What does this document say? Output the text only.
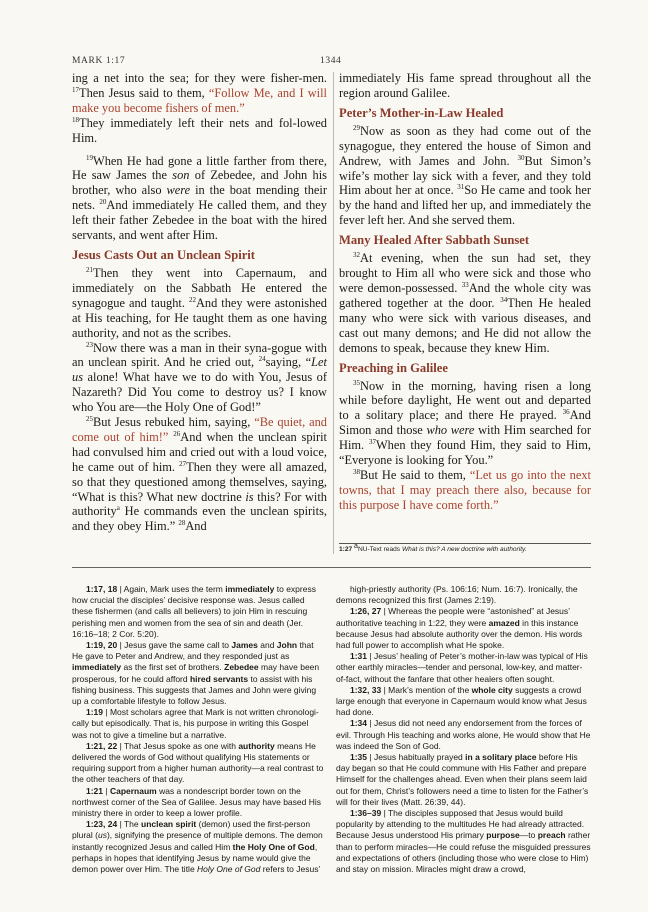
MARK 1:17	1344

ing a net into the sea; for they were fisher-men. $^{17}$Then Jesus said to them, “Follow Me, and I will make you become fishers of men.”
$^{18}$They immediately left their nets and fol-lowed Him.

$^{19}$When He had gone a little farther from there, He saw James the son of Zebedee, and John his brother, who also were in the boat mending their nets. $^{20}$And immediately He called them, and they left their father Zebedee in the boat with the hired servants, and went after Him.

Jesus Casts Out an Unclean Spirit

$^{21}$Then they went into Capernaum, and immediately on the Sabbath He entered the synagogue and taught. $^{22}$And they were astonished at His teaching, for He taught them as one having authority, and not as the scribes.

$^{23}$Now there was a man in their syna-gogue with an unclean spirit. And he cried out, $^{24}$saying, “Let us alone! What have we to do with You, Jesus of Nazareth? Did You come to destroy us? I know who You are—the Holy One of God!”

$^{25}$But Jesus rebuked him, saying, “Be quiet, and come out of him!” $^{26}$And when the unclean spirit had convulsed him and cried out with a loud voice, he came out of him. $^{27}$Then they were all amazed, so that they questioned among themselves, saying, “What is this? What new doctrine is this? For with authority$^a$ He commands even the unclean spirits, and they obey Him.” $^{28}$And

immediately His fame spread throughout all the region around Galilee.

Peter’s Mother-in-Law Healed

$^{29}$Now as soon as they had come out of the synagogue, they entered the house of Simon and Andrew, with James and John. $^{30}$But Simon’s wife’s mother lay sick with a fever, and they told Him about her at once. $^{31}$So He came and took her by the hand and lifted her up, and immediately the fever left her. And she served them.

Many Healed After Sabbath Sunset

$^{32}$At evening, when the sun had set, they brought to Him all who were sick and those who were demon-possessed. $^{33}$And the whole city was gathered together at the door. $^{34}$Then He healed many who were sick with various diseases, and cast out many demons; and He did not allow the demons to speak, because they knew Him.

Preaching in Galilee

$^{35}$Now in the morning, having risen a long while before daylight, He went out and departed to a solitary place; and there He prayed. $^{36}$And Simon and those who were with Him searched for Him. $^{37}$When they found Him, they said to Him, “Everyone is looking for You.”

$^{38}$But He said to them, “Let us go into the next towns, that I may preach there also, because for this purpose I have come forth.”

1:27 $^a$NU-Text reads What is this? A new doctrine with authority.

1:17, 18 | Again, Mark uses the term immediately to express how crucial the disciples’ decisive response was. Jesus called these fishermen (and calls all believers) to join Him in rescuing perishing men and women from the sea of sin and death (Jer. 16:16–18; 2 Cor. 5:20).

1:19, 20 | Jesus gave the same call to James and John that He gave to Peter and Andrew, and they responded just as immediately as the first set of brothers. Zebedee may have been prosperous, for he could afford hired servants to assist with his fishing business. This suggests that James and John were giving up a comfortable lifestyle to follow Jesus.

1:19 | Most scholars agree that Mark is not written chronologi-cally but episodically. That is, his purpose in writing this Gospel was not to give a timeline but a narrative.

1:21, 22 | That Jesus spoke as one with authority means He delivered the words of God without qualifying His statements or requiring support from a higher human authority—a real contrast to the other teachers of that day.

1:21 | Capernaum was a nondescript border town on the northwest corner of the Sea of Galilee. Jesus may have based His ministry there in order to keep a lower profile.

1:23, 24 | The unclean spirit (demon) used the first-person plural (us), signifying the presence of multiple demons. The demon instantly recognized Jesus and called Him the Holy One of God, perhaps in hopes that identifying Jesus by name would give the demon power over Him. The title Holy One of God refers to Jesus’

high-priestly authority (Ps. 106:16; Num. 16:7). Ironically, the demons recognized this first (James 2:19).

1:26, 27 | Whereas the people were “astonished” at Jesus’ authoritative teaching in 1:22, they were amazed in this instance because Jesus had absolute authority over the demon. His words had full power to accomplish what He spoke.

1:31 | Jesus’ healing of Peter’s mother-in-law was typical of His other earthly miracles—tender and personal, low-key, and matter-of-fact, without the fanfare that other healers often sought.

1:32, 33 | Mark’s mention of the whole city suggests a crowd large enough that everyone in Capernaum would know what Jesus had done.

1:34 | Jesus did not need any endorsement from the forces of evil. Through His teaching and works alone, He would show that He was indeed the Son of God.

1:35 | Jesus habitually prayed in a solitary place before His day began so that He could commune with His Father and prepare Himself for the challenges ahead. Even when their plans seem laid out for them, Christ’s followers need a time to listen for the Father’s will for their lives (Matt. 26:39, 44).

1:36–39 | The disciples supposed that Jesus would build popularity by attending to the multitudes He had already attracted. Because Jesus understood His primary purpose—to preach rather than to perform miracles—He could refuse the misguided pressures and expectations of others (including those who were close to Him) and stay on mission. Miracles might draw a crowd,
